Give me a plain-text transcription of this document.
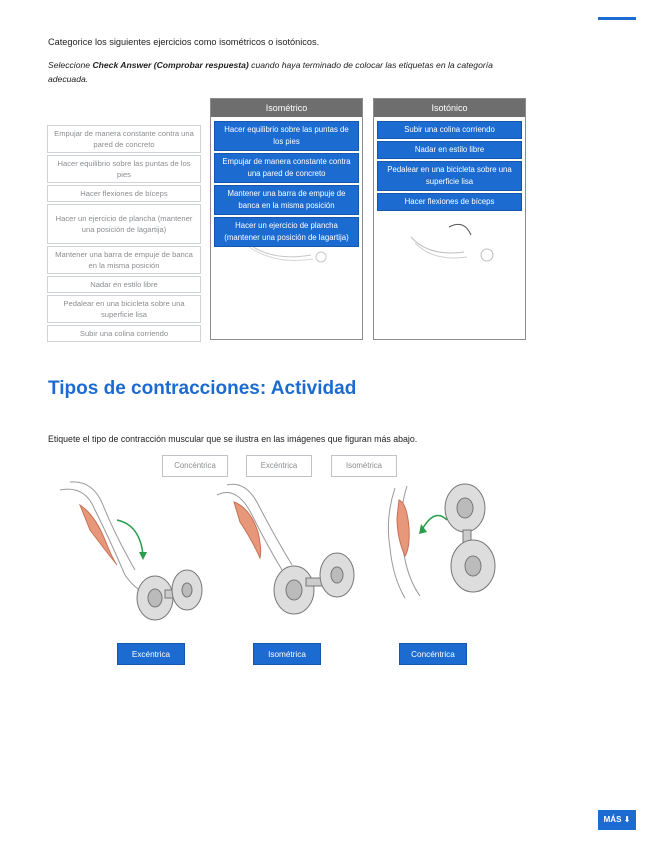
Categorice los siguientes ejercicios como isométricos o isotónicos.

Seleccione Check Answer (Comprobar respuesta) cuando haya terminado de colocar las etiquetas en la categoría adecuada.

Empujar de manera constante contra una pared de concreto
Hacer equilibrio sobre las puntas de los pies
Hacer flexiones de bíceps
Hacer un ejercicio de plancha (mantener una posición de lagartija)
Mantener una barra de empuje de banca en la misma posición
Nadar en estilo libre
Pedalear en una bicicleta sobre una superficie lisa
Subir una colina corriendo
Isométrico
Hacer equilibrio sobre las puntas de los pies
Empujar de manera constante contra una pared de concreto
Mantener una barra de empuje de banca en la misma posición
Hacer un ejercicio de plancha (mantener una posición de lagartija)
Isotónico
Subir una colina corriendo
Nadar en estilo libre
Pedalear en una bicicleta sobre una superficie lisa
Hacer flexiones de bíceps
Tipos de contracciones: Actividad

Etiquete el tipo de contracción muscular que se ilustra en las imágenes que figuran más abajo.

Concéntrica	Excéntrica	Isométrica
Excéntrica	Isométrica	Concéntrica
MÁS ⬇
